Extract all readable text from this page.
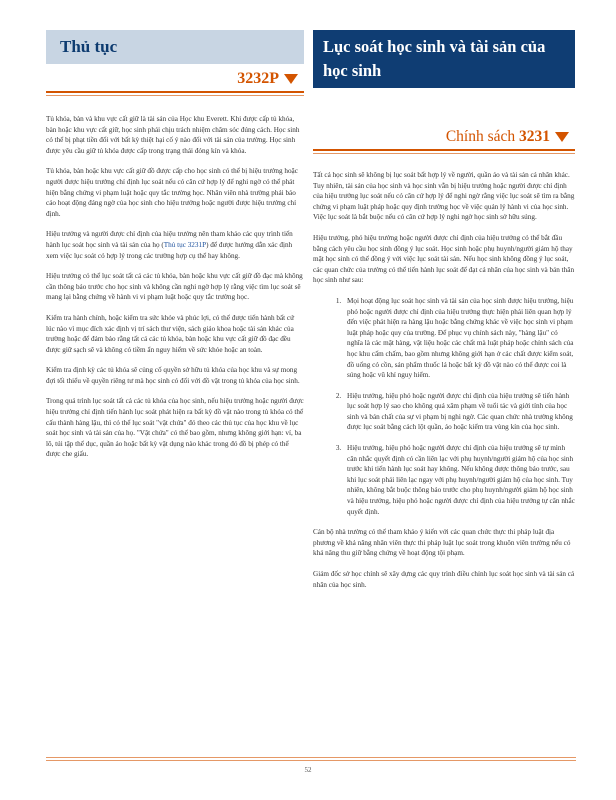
Thủ tục
3232P

Tủ khóa, bàn và khu vực cất giữ là tài sản của Học khu Everett. Khi được cấp tủ khóa, bàn hoặc khu vực cất giữ, học sinh phải chịu trách nhiệm chăm sóc đúng cách. Học sinh có thể bị phạt tiền đối với bất kỳ thiệt hại cố ý nào đối với tài sản của trường. Học sinh được yêu cầu giữ tủ khóa được cấp trong trạng thái đóng kín và khóa.

Tủ khóa, bàn hoặc khu vực cất giữ đồ được cấp cho học sinh có thể bị hiệu trưởng hoặc người được hiệu trưởng chỉ định lục soát nếu có căn cứ hợp lý để nghi ngờ có thể phát hiện bằng chứng vi phạm luật hoặc quy tắc trường học. Nhân viên nhà trường phải báo cáo hoạt động đáng ngờ của học sinh cho hiệu trưởng hoặc người được hiệu trưởng chỉ định.

Hiệu trưởng và người được chỉ định của hiệu trưởng nên tham khảo các quy trình tiến hành lục soát học sinh và tài sản của họ (Thủ tục 3231P) để được hướng dẫn xác định xem việc lục soát có hợp lý trong các trường hợp cụ thể hay không.

Hiệu trưởng có thể lục soát tất cả các tủ khóa, bàn hoặc khu vực cất giữ đồ đạc mà không cần thông báo trước cho học sinh và không cần nghi ngờ hợp lý rằng việc tìm lục soát sẽ mang lại bằng chứng về hành vi vi phạm luật hoặc quy tắc trường học.

Kiểm tra hành chính, hoặc kiểm tra sức khỏe và phúc lợi, có thể được tiến hành bất cứ lúc nào vì mục đích xác định vị trí sách thư viện, sách giáo khoa hoặc tài sản khác của trường hoặc để đảm bảo rằng tất cả các tủ khóa, bàn hoặc khu vực cất giữ đồ đạc đều được giữ sạch sẽ và không có tiềm ẩn nguy hiểm về sức khỏe hoặc an toàn.

Kiểm tra định kỳ các tủ khóa sẽ củng cố quyền sở hữu tủ khóa của học khu và sự mong đợi tối thiểu về quyền riêng tư mà học sinh có đối với đồ vật trong tủ khóa của học sinh.

Trong quá trình lục soát tất cả các tủ khóa của học sinh, nếu hiệu trưởng hoặc người được hiệu trưởng chỉ định tiến hành lục soát phát hiện ra bất kỳ đồ vật nào trong tủ khóa có thể cấu thành hàng lậu, thì có thể lục soát "vật chứa" đó theo các thủ tục của học khu về lục soát học sinh và tài sản của họ. "Vật chứa" có thể bao gồm, nhưng không giới hạn: ví, ba lô, túi tập thể dục, quần áo hoặc bất kỳ vật dụng nào khác trong đó đồ bị phép có thể được che giấu.

Lục soát học sinh và tài sản của học sinh
Chính sách 3231

Tất cả học sinh sẽ không bị lục soát bất hợp lý về người, quần áo và tài sản cá nhân khác. Tuy nhiên, tài sản của học sinh và học sinh vẫn bị hiệu trưởng hoặc người được chỉ định của hiệu trưởng lục soát nếu có căn cứ hợp lý để nghi ngờ rằng việc lục soát sẽ tìm ra bằng chứng vi phạm luật pháp hoặc quy định trường học về việc quản lý hành vi của học sinh. Việc lục soát là bắt buộc nếu có căn cứ hợp lý nghi ngờ học sinh sở hữu súng.

Hiệu trưởng, phó hiệu trưởng hoặc người được chỉ định của hiệu trưởng có thể bắt đầu bằng cách yêu cầu học sinh đồng ý lục soát. Học sinh hoặc phụ huynh/người giám hộ thay mặt học sinh có thể đồng ý với việc lục soát tài sản. Nếu học sinh không đồng ý lục soát, các quan chức của trường có thể tiến hành lục soát để đạt cá nhân của học sinh và bản thân học sinh như sau:

1. Mọi hoạt động lục soát học sinh và tài sản của học sinh được hiệu trưởng, hiệu phó hoặc người được chỉ định của hiệu trưởng thực hiện phải liên quan hợp lý đến việc phát hiện ra hàng lậu hoặc bằng chứng khác về việc học sinh vi phạm luật pháp hoặc quy của trường. Để phục vụ chính sách này, "hàng lậu" có nghĩa là các mặt hàng, vật liệu hoặc các chất mà luật pháp hoặc chính sách của học khu cấm chấm, bao gồm nhưng không giới hạn ở các chất được kiểm soát, đồ uống có cồn, sản phẩm thuốc lá hoặc bất kỳ đồ vật nào có thể được coi là súng hoặc vũ khí nguy hiểm.
2. Hiệu trưởng, hiệu phó hoặc người được chỉ định của hiệu trưởng sẽ tiến hành lục soát hợp lý sao cho không quá xâm phạm về tuổi tác và giới tính của học sinh và bản chất của sự vi phạm bị nghi ngờ. Các quan chức nhà trường không được lục soát bằng cách lột quần, áo hoặc kiểm tra vùng kín của học sinh.
3. Hiệu trưởng, hiệu phó hoặc người được chỉ định của hiệu trưởng sẽ tự mình cân nhắc quyết định có cần liên lạc với phụ huynh/người giám hộ của học sinh trước khi tiến hành lục soát hay không. Nếu không được thông báo trước, sau khi lục soát phải liên lạc ngay với phụ huynh/người giám hộ của học sinh. Tuy nhiên, không bắt buộc thông báo trước cho phụ huynh/người giám hộ học sinh và hiệu trưởng, hiệu phó hoặc người được chỉ định của hiệu trưởng tự cân nhắc quyết định.

Cán bộ nhà trường có thể tham khảo ý kiến với các quan chức thực thi pháp luật địa phương về khả năng nhân viên thực thi pháp luật lục soát trong khuôn viên trường nếu có khả năng thu giữ bằng chứng về hoạt động tội phạm.

Giám đốc sở học chính sẽ xây dựng các quy trình điều chỉnh lục soát học sinh và tài sản cá nhân của học sinh.

52
